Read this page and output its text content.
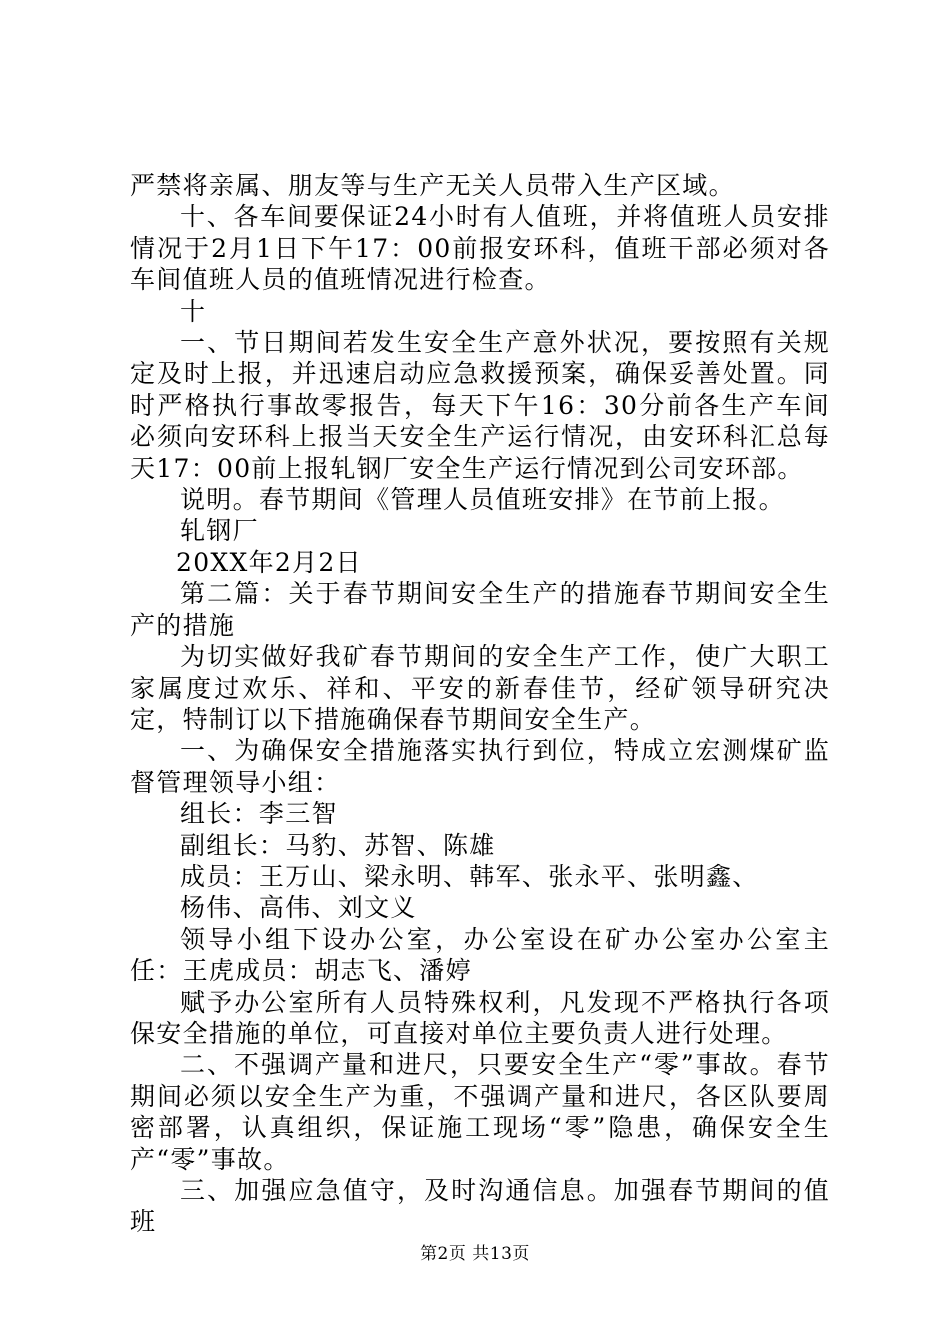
严禁将亲属、朋友等与生产无关人员带入生产区域。

十、各车间要保证24小时有人值班，并将值班人员安排情况于2月1日下午17：00前报安环科，值班干部必须对各车间值班人员的值班情况进行检查。

十

一、节日期间若发生安全生产意外状况，要按照有关规定及时上报，并迅速启动应急救援预案，确保妥善处置。同时严格执行事故零报告，每天下午16：30分前各生产车间必须向安环科上报当天安全生产运行情况，由安环科汇总每天17：00前上报轧钢厂安全生产运行情况到公司安环部。

说明。春节期间《管理人员值班安排》在节前上报。

轧钢厂

20XX年2月2日

第二篇：关于春节期间安全生产的措施春节期间安全生产的措施

为切实做好我矿春节期间的安全生产工作，使广大职工家属度过欢乐、祥和、平安的新春佳节，经矿领导研究决定，特制订以下措施确保春节期间安全生产。

一、为确保安全措施落实执行到位，特成立宏测煤矿监督管理领导小组：

组长：李三智

副组长：马豹、苏智、陈雄

成员：王万山、梁永明、韩军、张永平、张明鑫、

杨伟、高伟、刘文义

领导小组下设办公室，办公室设在矿办公室办公室主任：王虎成员：胡志飞、潘婷

赋予办公室所有人员特殊权利，凡发现不严格执行各项保安全措施的单位，可直接对单位主要负责人进行处理。

二、不强调产量和进尺，只要安全生产“零”事故。春节期间必须以安全生产为重，不强调产量和进尺，各区队要周密部署，认真组织，保证施工现场“零”隐患，确保安全生产“零”事故。

三、加强应急值守，及时沟通信息。加强春节期间的值班

第2页 共13页
